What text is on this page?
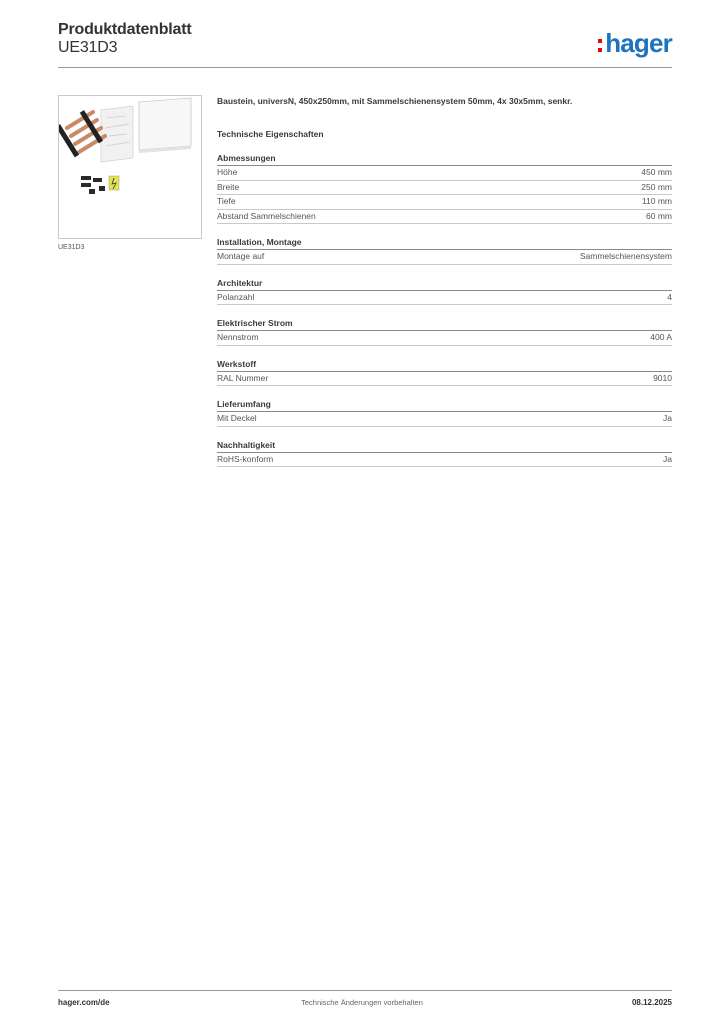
Produktdatenblatt
UE31D3	hager
UE31D3
Baustein, universN, 450x250mm, mit Sammelschienensystem 50mm, 4x 30x5mm, senkr.
Technische Eigenschaften
Abmessungen
Höhe	450 mm
Breite	250 mm
Tiefe	110 mm
Abstand Sammelschienen	60 mm
Installation, Montage
Montage auf	Sammelschienensystem
Architektur
Polanzahl	4
Elektrischer Strom
Nennstrom	400 A
Werkstoff
RAL Nummer	9010
Lieferumfang
Mit Deckel	Ja
Nachhaltigkeit
RoHS-konform	Ja
hager.com/de	Technische Änderungen vorbehalten	08.12.2025
